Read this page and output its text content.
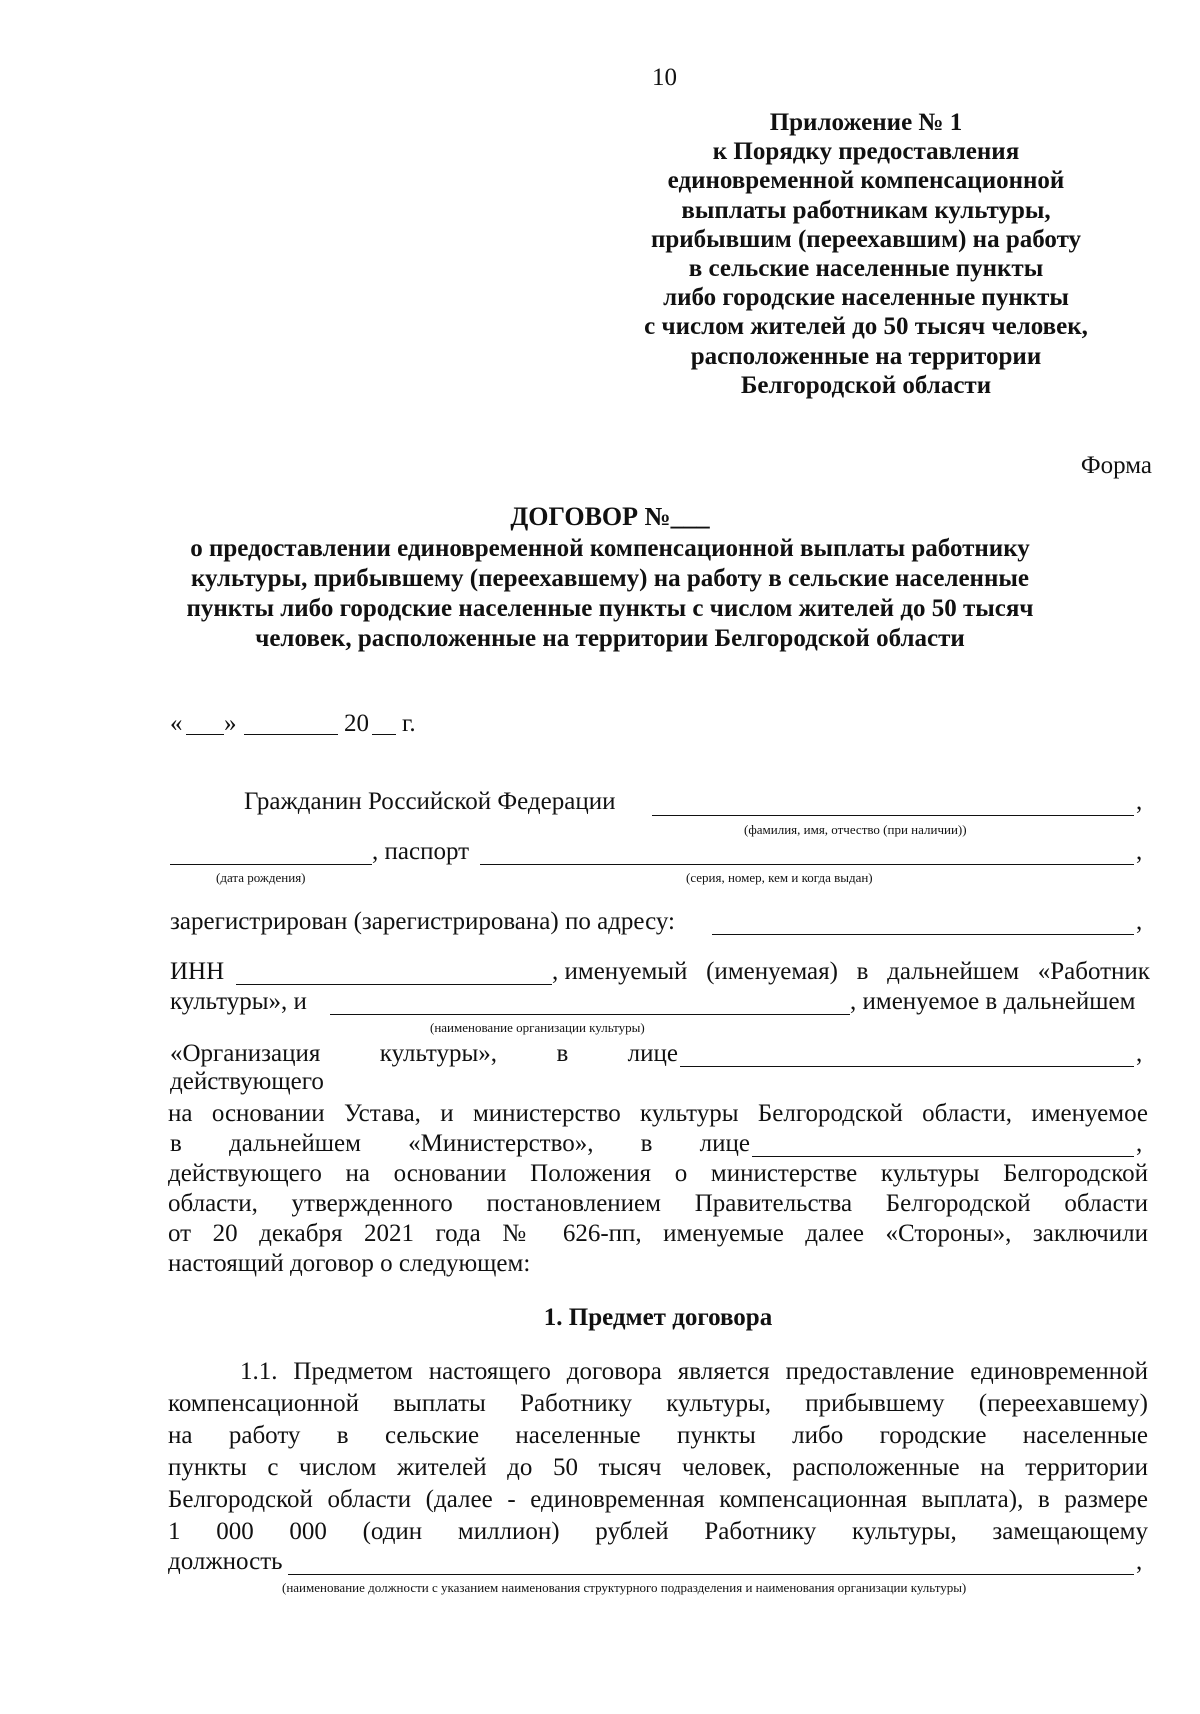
10
Приложение № 1
к Порядку предоставления
единовременной компенсационной
выплаты работникам культуры,
прибывшим (переехавшим) на работу
в сельские населенные пункты
либо городские населенные пункты
с числом жителей до 50 тысяч человек,
расположенные на территории
Белгородской области
Форма
ДОГОВОР №___
о предоставлении единовременной компенсационной выплаты работнику
культуры, прибывшему (переехавшему) на работу в сельские населенные
пункты либо городские населенные пункты с числом жителей до 50 тысяч
человек, расположенные на территории Белгородской области
« »	20 г.
Гражданин Российской Федерации	,
(фамилия, имя, отчество (при наличии))
, паспорт	,
(дата рождения)	(серия, номер, кем и когда выдан)
зарегистрирован (зарегистрирована) по адресу:	,
ИНН	, именуемый (именуемая) в дальнейшем «Работник
культуры», и	, именуемое в дальнейшем
(наименование организации культуры)
«Организация культуры», в лице	,
действующего
на основании Устава, и министерство культуры Белгородской области, именуемое
в дальнейшем «Министерство», в лице	,
действующего на основании Положения о министерстве культуры Белгородской
области, утвержденного постановлением Правительства Белгородской области
от 20 декабря 2021 года № 626-пп, именуемые далее «Стороны», заключили
настоящий договор о следующем:
1. Предмет договора
1.1. Предметом настоящего договора является предоставление единовременной
компенсационной выплаты Работнику культуры, прибывшему (переехавшему)
на работу в сельские населенные пункты либо городские населенные
пункты с числом жителей до 50 тысяч человек, расположенные на территории
Белгородской области (далее - единовременная компенсационная выплата), в размере
1 000 000 (один миллион) рублей Работнику культуры, замещающему
должность	,
(наименование должности с указанием наименования структурного подразделения и наименования организации культуры)
